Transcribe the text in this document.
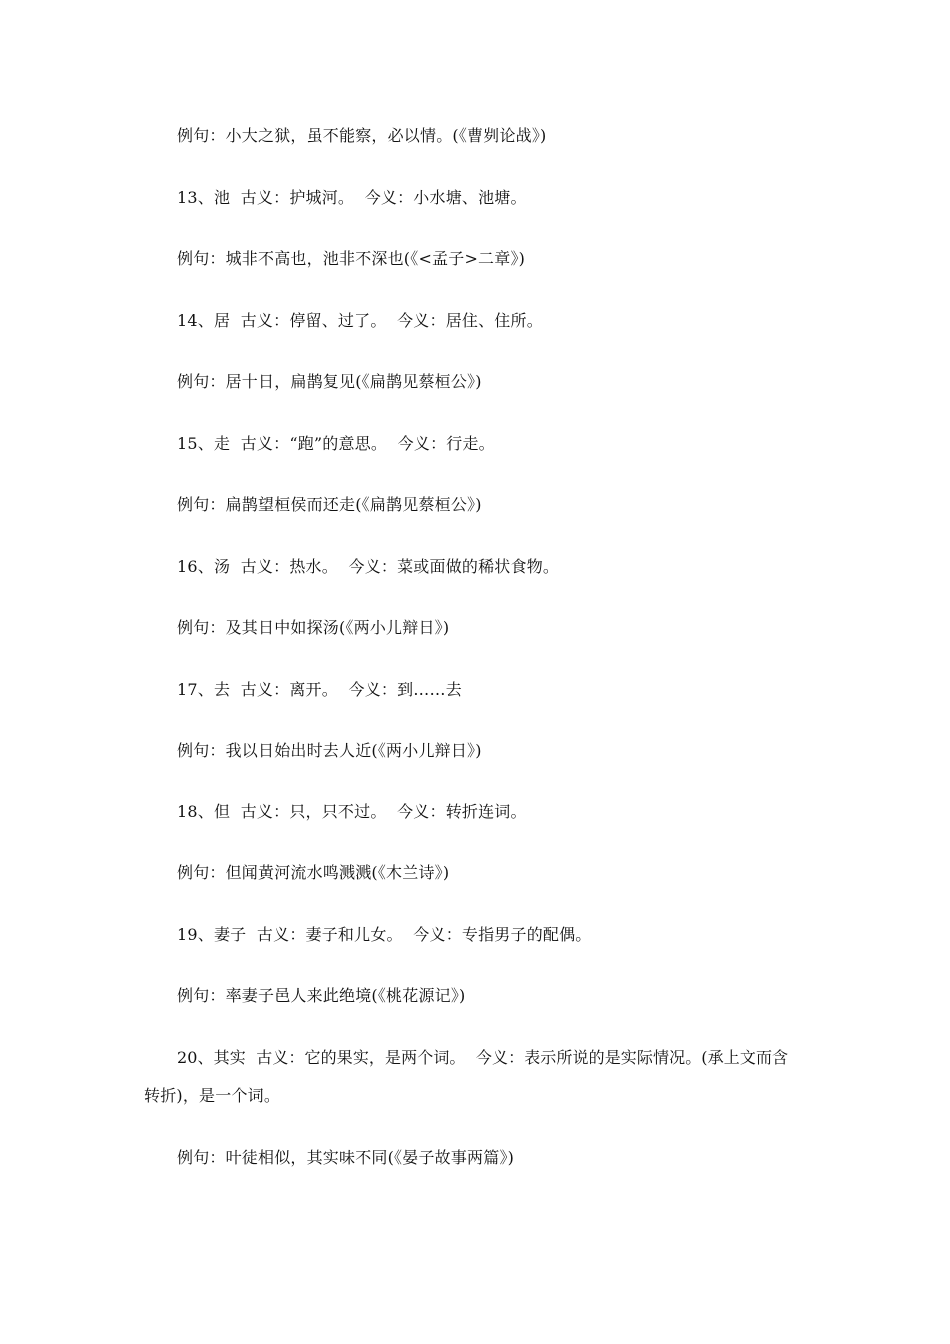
例句：小大之狱，虽不能察，必以情。(《曹刿论战》)

13、池  古义：护城河。  今义：小水塘、池塘。

例句：城非不高也，池非不深也(《<孟子>二章》)

14、居  古义：停留、过了。  今义：居住、住所。

例句：居十日，扁鹊复见(《扁鹊见蔡桓公》)

15、走  古义：“跑”的意思。  今义：行走。

例句：扁鹊望桓侯而还走(《扁鹊见蔡桓公》)

16、汤  古义：热水。  今义：菜或面做的稀状食物。

例句：及其日中如探汤(《两小儿辩日》)

17、去  古义：离开。  今义：到……去

例句：我以日始出时去人近(《两小儿辩日》)

18、但  古义：只，只不过。  今义：转折连词。

例句：但闻黄河流水鸣溅溅(《木兰诗》)

19、妻子  古义：妻子和儿女。  今义：专指男子的配偶。

例句：率妻子邑人来此绝境(《桃花源记》)

20、其实  古义：它的果实，是两个词。  今义：表示所说的是实际情况。(承上文而含

转折)，是一个词。

例句：叶徒相似，其实味不同(《晏子故事两篇》)
